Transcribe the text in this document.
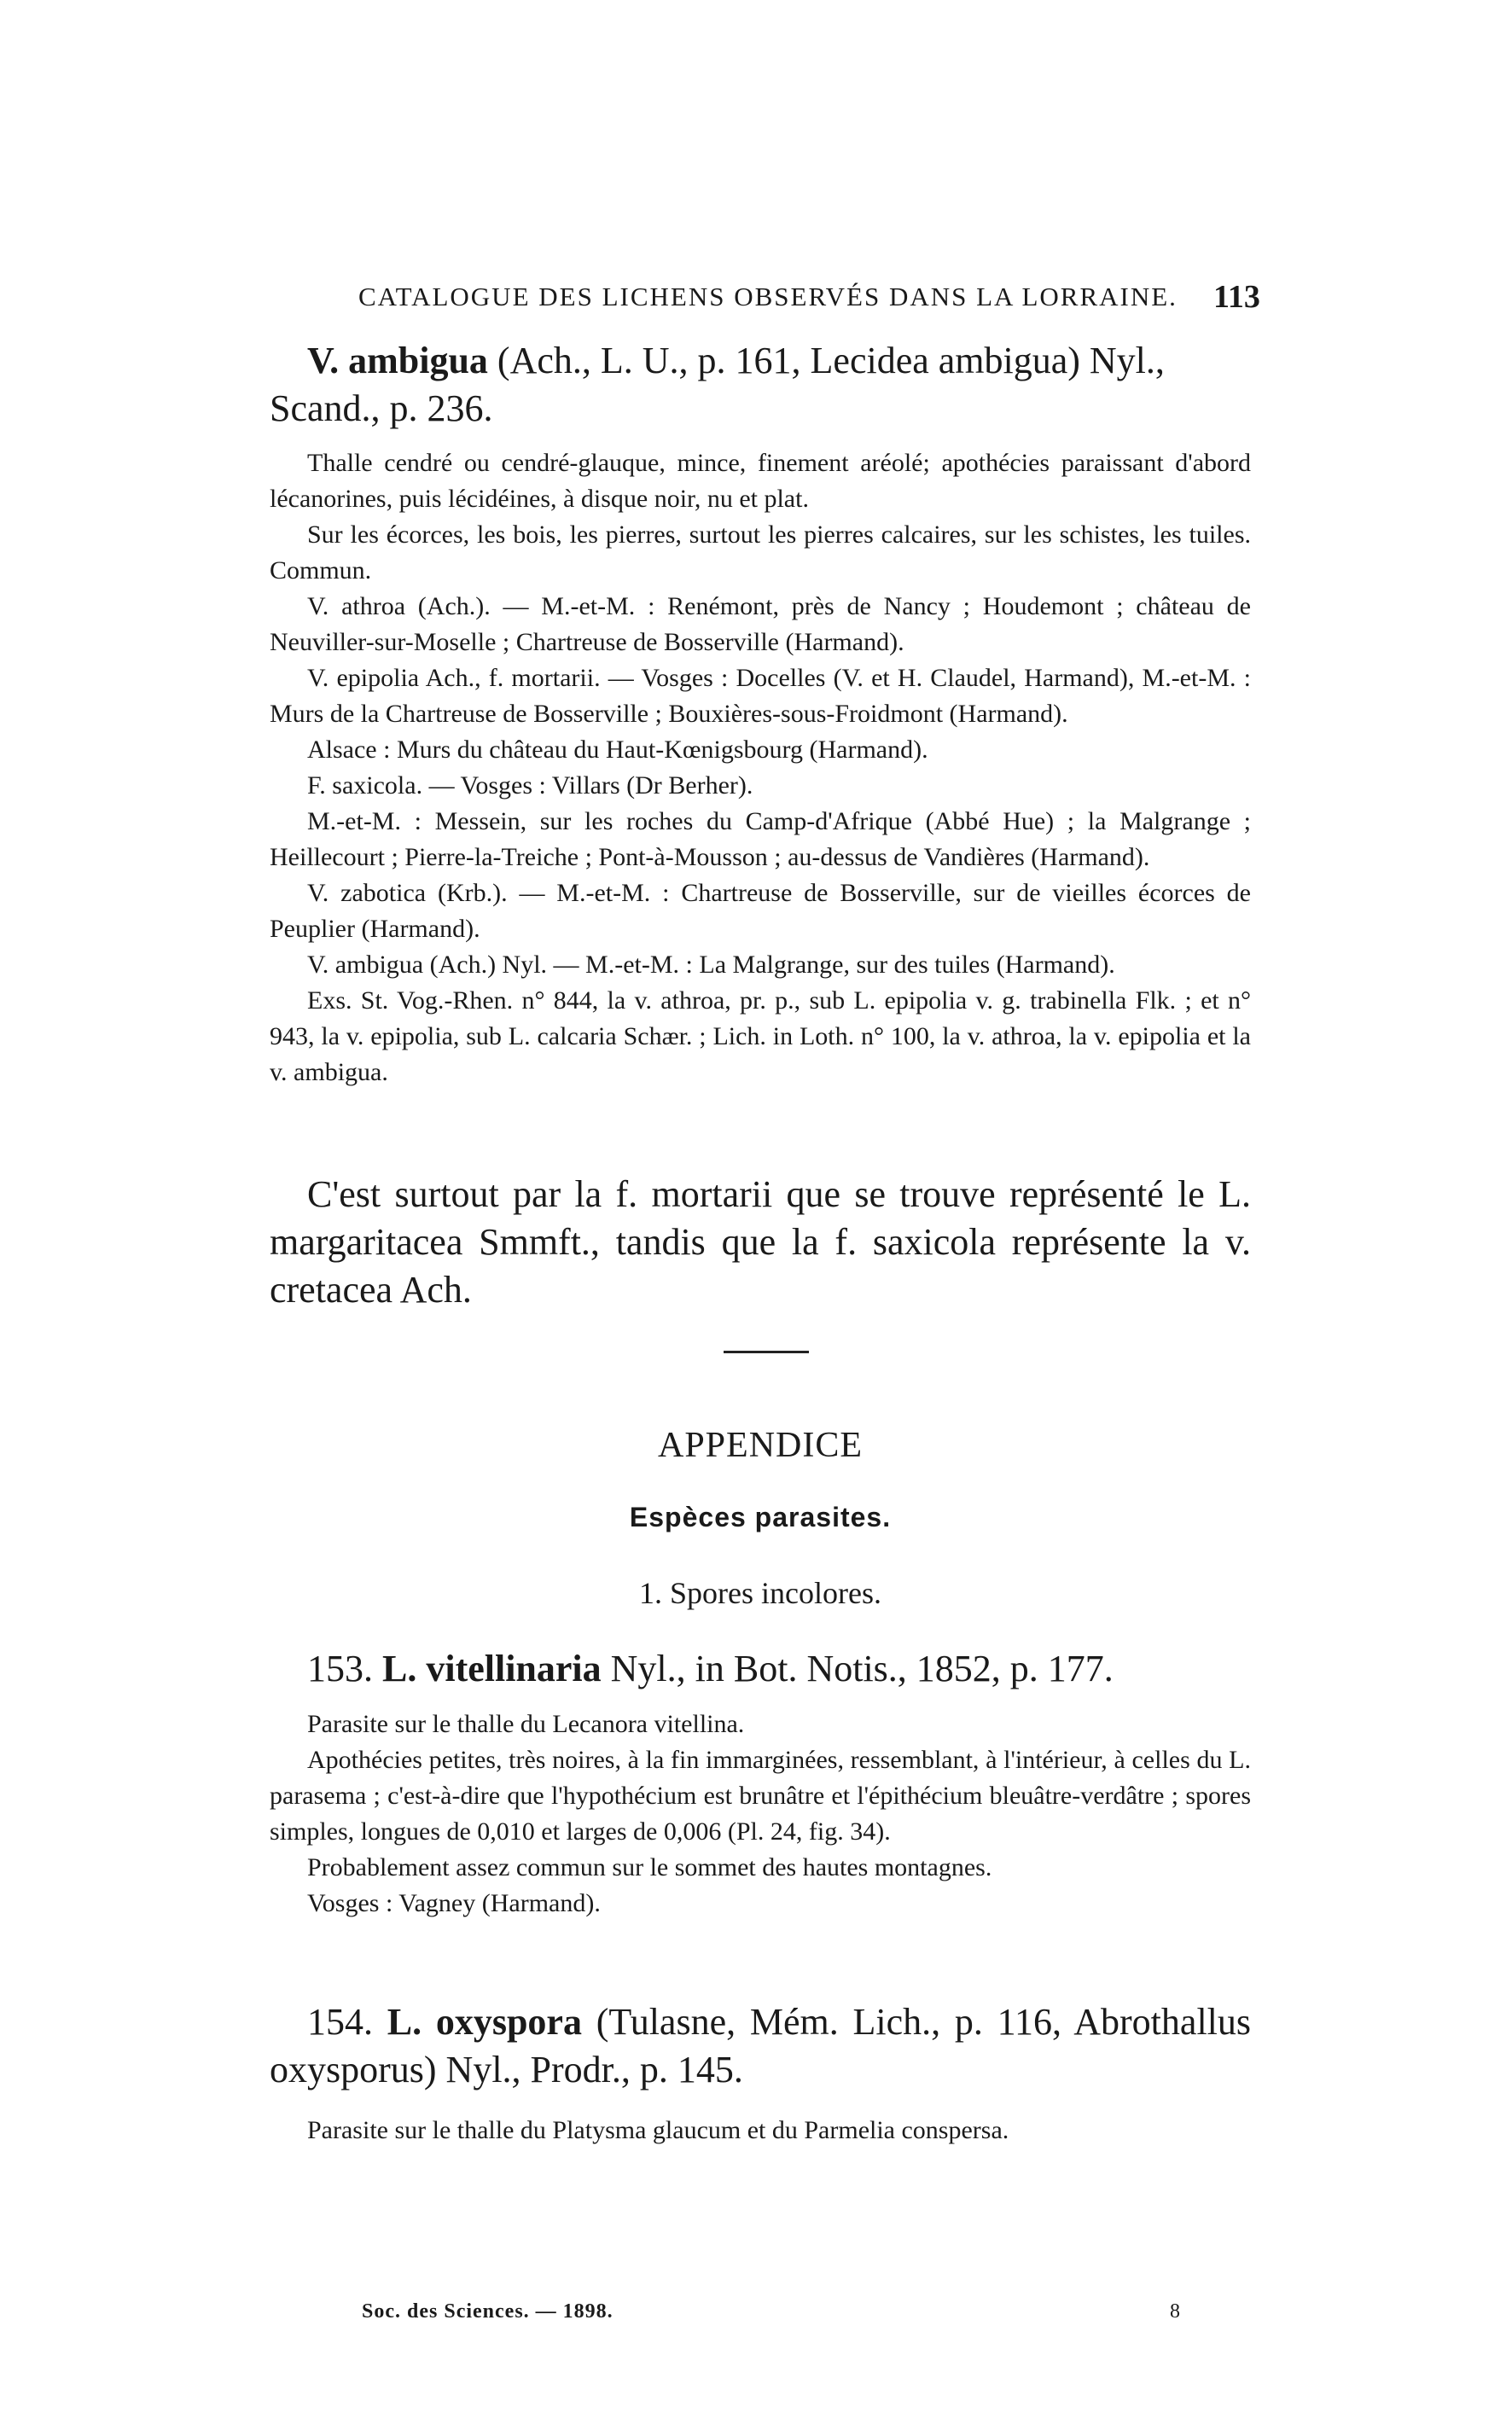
CATALOGUE DES LICHENS OBSERVÉS DANS LA LORRAINE.	113

V. ambigua (Ach., L. U., p. 161, Lecidea ambigua) Nyl., Scand., p. 236.

Thalle cendré ou cendré-glauque, mince, finement aréolé; apothécies paraissant d'abord lécanorines, puis lécidéines, à disque noir, nu et plat.

Sur les écorces, les bois, les pierres, surtout les pierres calcaires, sur les schistes, les tuiles. Commun.

V. athroa (Ach.). — M.-et-M. : Renémont, près de Nancy ; Houdemont ; château de Neuviller-sur-Moselle ; Chartreuse de Bosserville (Harmand).

V. epipolia Ach., f. mortarii. — Vosges : Docelles (V. et H. Claudel, Harmand), M.-et-M. : Murs de la Chartreuse de Bosserville ; Bouxières-sous-Froidmont (Harmand).

Alsace : Murs du château du Haut-Kœnigsbourg (Harmand).

F. saxicola. — Vosges : Villars (Dr Berher).

M.-et-M. : Messein, sur les roches du Camp-d'Afrique (Abbé Hue) ; la Malgrange ; Heillecourt ; Pierre-la-Treiche ; Pont-à-Mousson ; au-dessus de Vandières (Harmand).

V. zabotica (Krb.). — M.-et-M. : Chartreuse de Bosserville, sur de vieilles écorces de Peuplier (Harmand).

V. ambigua (Ach.) Nyl. — M.-et-M. : La Malgrange, sur des tuiles (Harmand).

Exs. St. Vog.-Rhen. n° 844, la v. athroa, pr. p., sub L. epipolia v. g. trabinella Flk. ; et n° 943, la v. epipolia, sub L. calcaria Schær. ; Lich. in Loth. n° 100, la v. athroa, la v. epipolia et la v. ambigua.

C'est surtout par la f. mortarii que se trouve représenté le L. margaritacea Smmft., tandis que la f. saxicola représente la v. cretacea Ach.

APPENDICE
Espèces parasites.
1. Spores incolores.

153. L. vitellinaria Nyl., in Bot. Notis., 1852, p. 177.

Parasite sur le thalle du Lecanora vitellina.

Apothécies petites, très noires, à la fin immarginées, ressemblant, à l'intérieur, à celles du L. parasema ; c'est-à-dire que l'hypothécium est brunâtre et l'épithécium bleuâtre-verdâtre ; spores simples, longues de 0,010 et larges de 0,006 (Pl. 24, fig. 34).

Probablement assez commun sur le sommet des hautes montagnes.

Vosges : Vagney (Harmand).

154. L. oxyspora (Tulasne, Mém. Lich., p. 116, Abrothallus oxysporus) Nyl., Prodr., p. 145.

Parasite sur le thalle du Platysma glaucum et du Parmelia conspersa.

Soc. des Sciences. — 1898.	8
